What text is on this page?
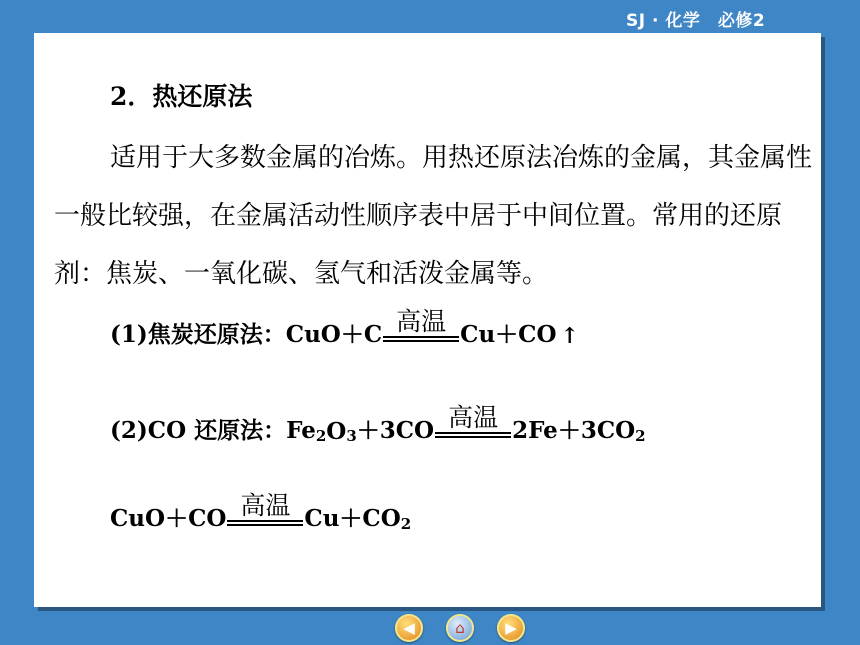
SJ · 化学　必修2
2．热还原法
适用于大多数金属的冶炼。用热还原法冶炼的金属，其金属性一般比较强，在金属活动性顺序表中居于中间位置。常用的还原剂：焦炭、一氧化碳、氢气和活泼金属等。
(1)焦炭还原法：CuO＋C 高温 Cu＋CO ↑
(2)CO 还原法：$Fe_2$ O 3 ＋3CO 高温 $2Fe+3CO_2$
CuO＋CO 高温 $Cu+CO_2$
◀	⌂	▶
